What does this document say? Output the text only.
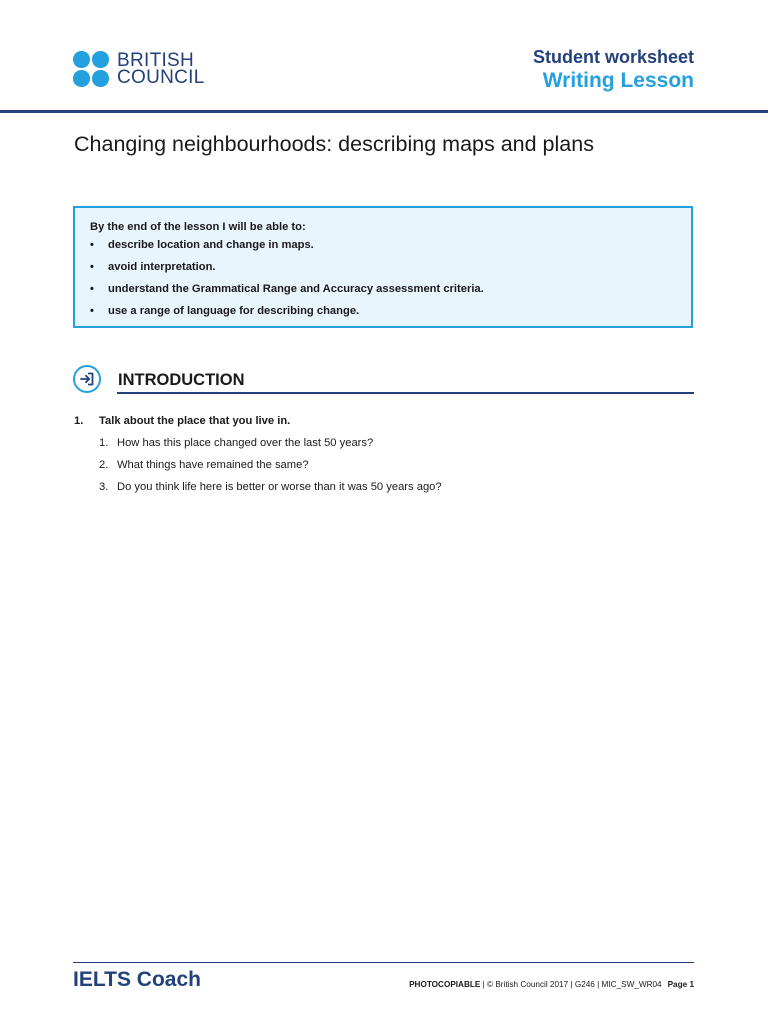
BRITISH
COUNCIL
Student worksheet
Writing Lesson
Changing neighbourhoods: describing maps and plans
By the end of the lesson I will be able to:
• describe location and change in maps.
• avoid interpretation.
• understand the Grammatical Range and Accuracy assessment criteria.
• use a range of language for describing change.
INTRODUCTION
1. Talk about the place that you live in.
1. How has this place changed over the last 50 years?
2. What things have remained the same?
3. Do you think life here is better or worse than it was 50 years ago?
IELTS Coach	PHOTOCOPIABLE | © British Council 2017 | G246 | MIC_SW_WR04 Page 1
